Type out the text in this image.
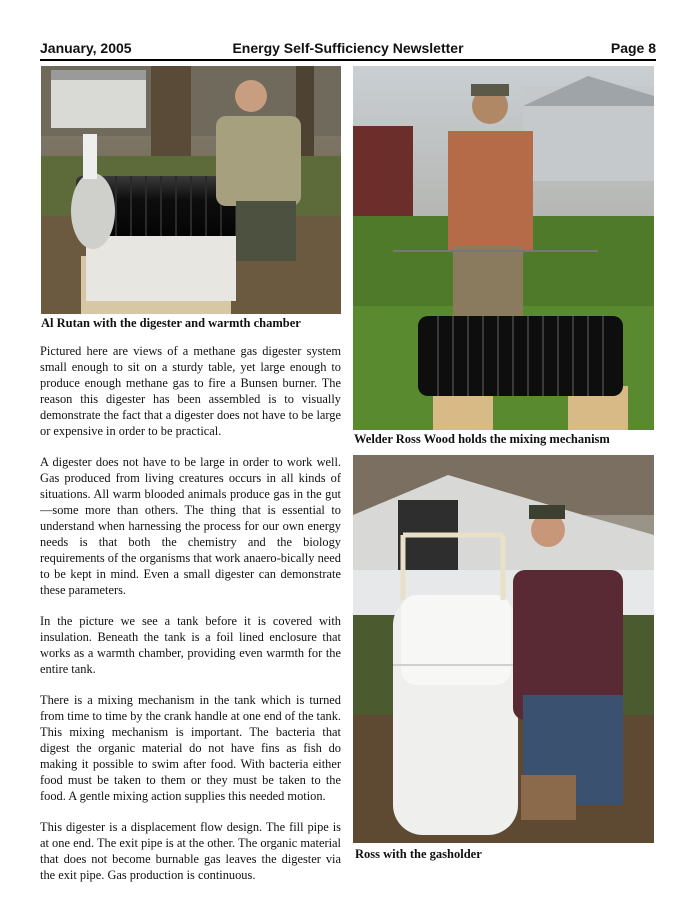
January, 2005	Energy Self-Sufficiency Newsletter	Page 8
Al Rutan with the digester and warmth chamber
Welder Ross Wood holds the mixing mechanism
Ross with the gasholder

Pictured here are views of a methane gas digester system small enough to sit on a sturdy table, yet large enough to produce enough methane gas to fire a Bunsen burner. The reason this digester has been assembled is to visually demonstrate the fact that a digester does not have to be large or expensive in order to be practical.

A digester does not have to be large in order to work well. Gas produced from living creatures occurs in all kinds of situations. All warm blooded animals produce gas in the gut—some more than others. The thing that is essential to understand when harnessing the process for our own energy needs is that both the chemistry and the biology requirements of the organisms that work anaero-bically need to be kept in mind. Even a small digester can demonstrate these parameters.

In the picture we see a tank before it is covered with insulation. Beneath the tank is a foil lined enclosure that works as a warmth chamber, providing even warmth for the entire tank.

There is a mixing mechanism in the tank which is turned from time to time by the crank handle at one end of the tank. This mixing mechanism is important. The bacteria that digest the organic material do not have fins as fish do making it possible to swim after food. With bacteria either food must be taken to them or they must be taken to the food. A gentle mixing action supplies this needed motion.

This digester is a displacement flow design. The fill pipe is at one end. The exit pipe is at the other. The organic material that does not become burnable gas leaves the digester via the exit pipe. Gas production is continuous.
